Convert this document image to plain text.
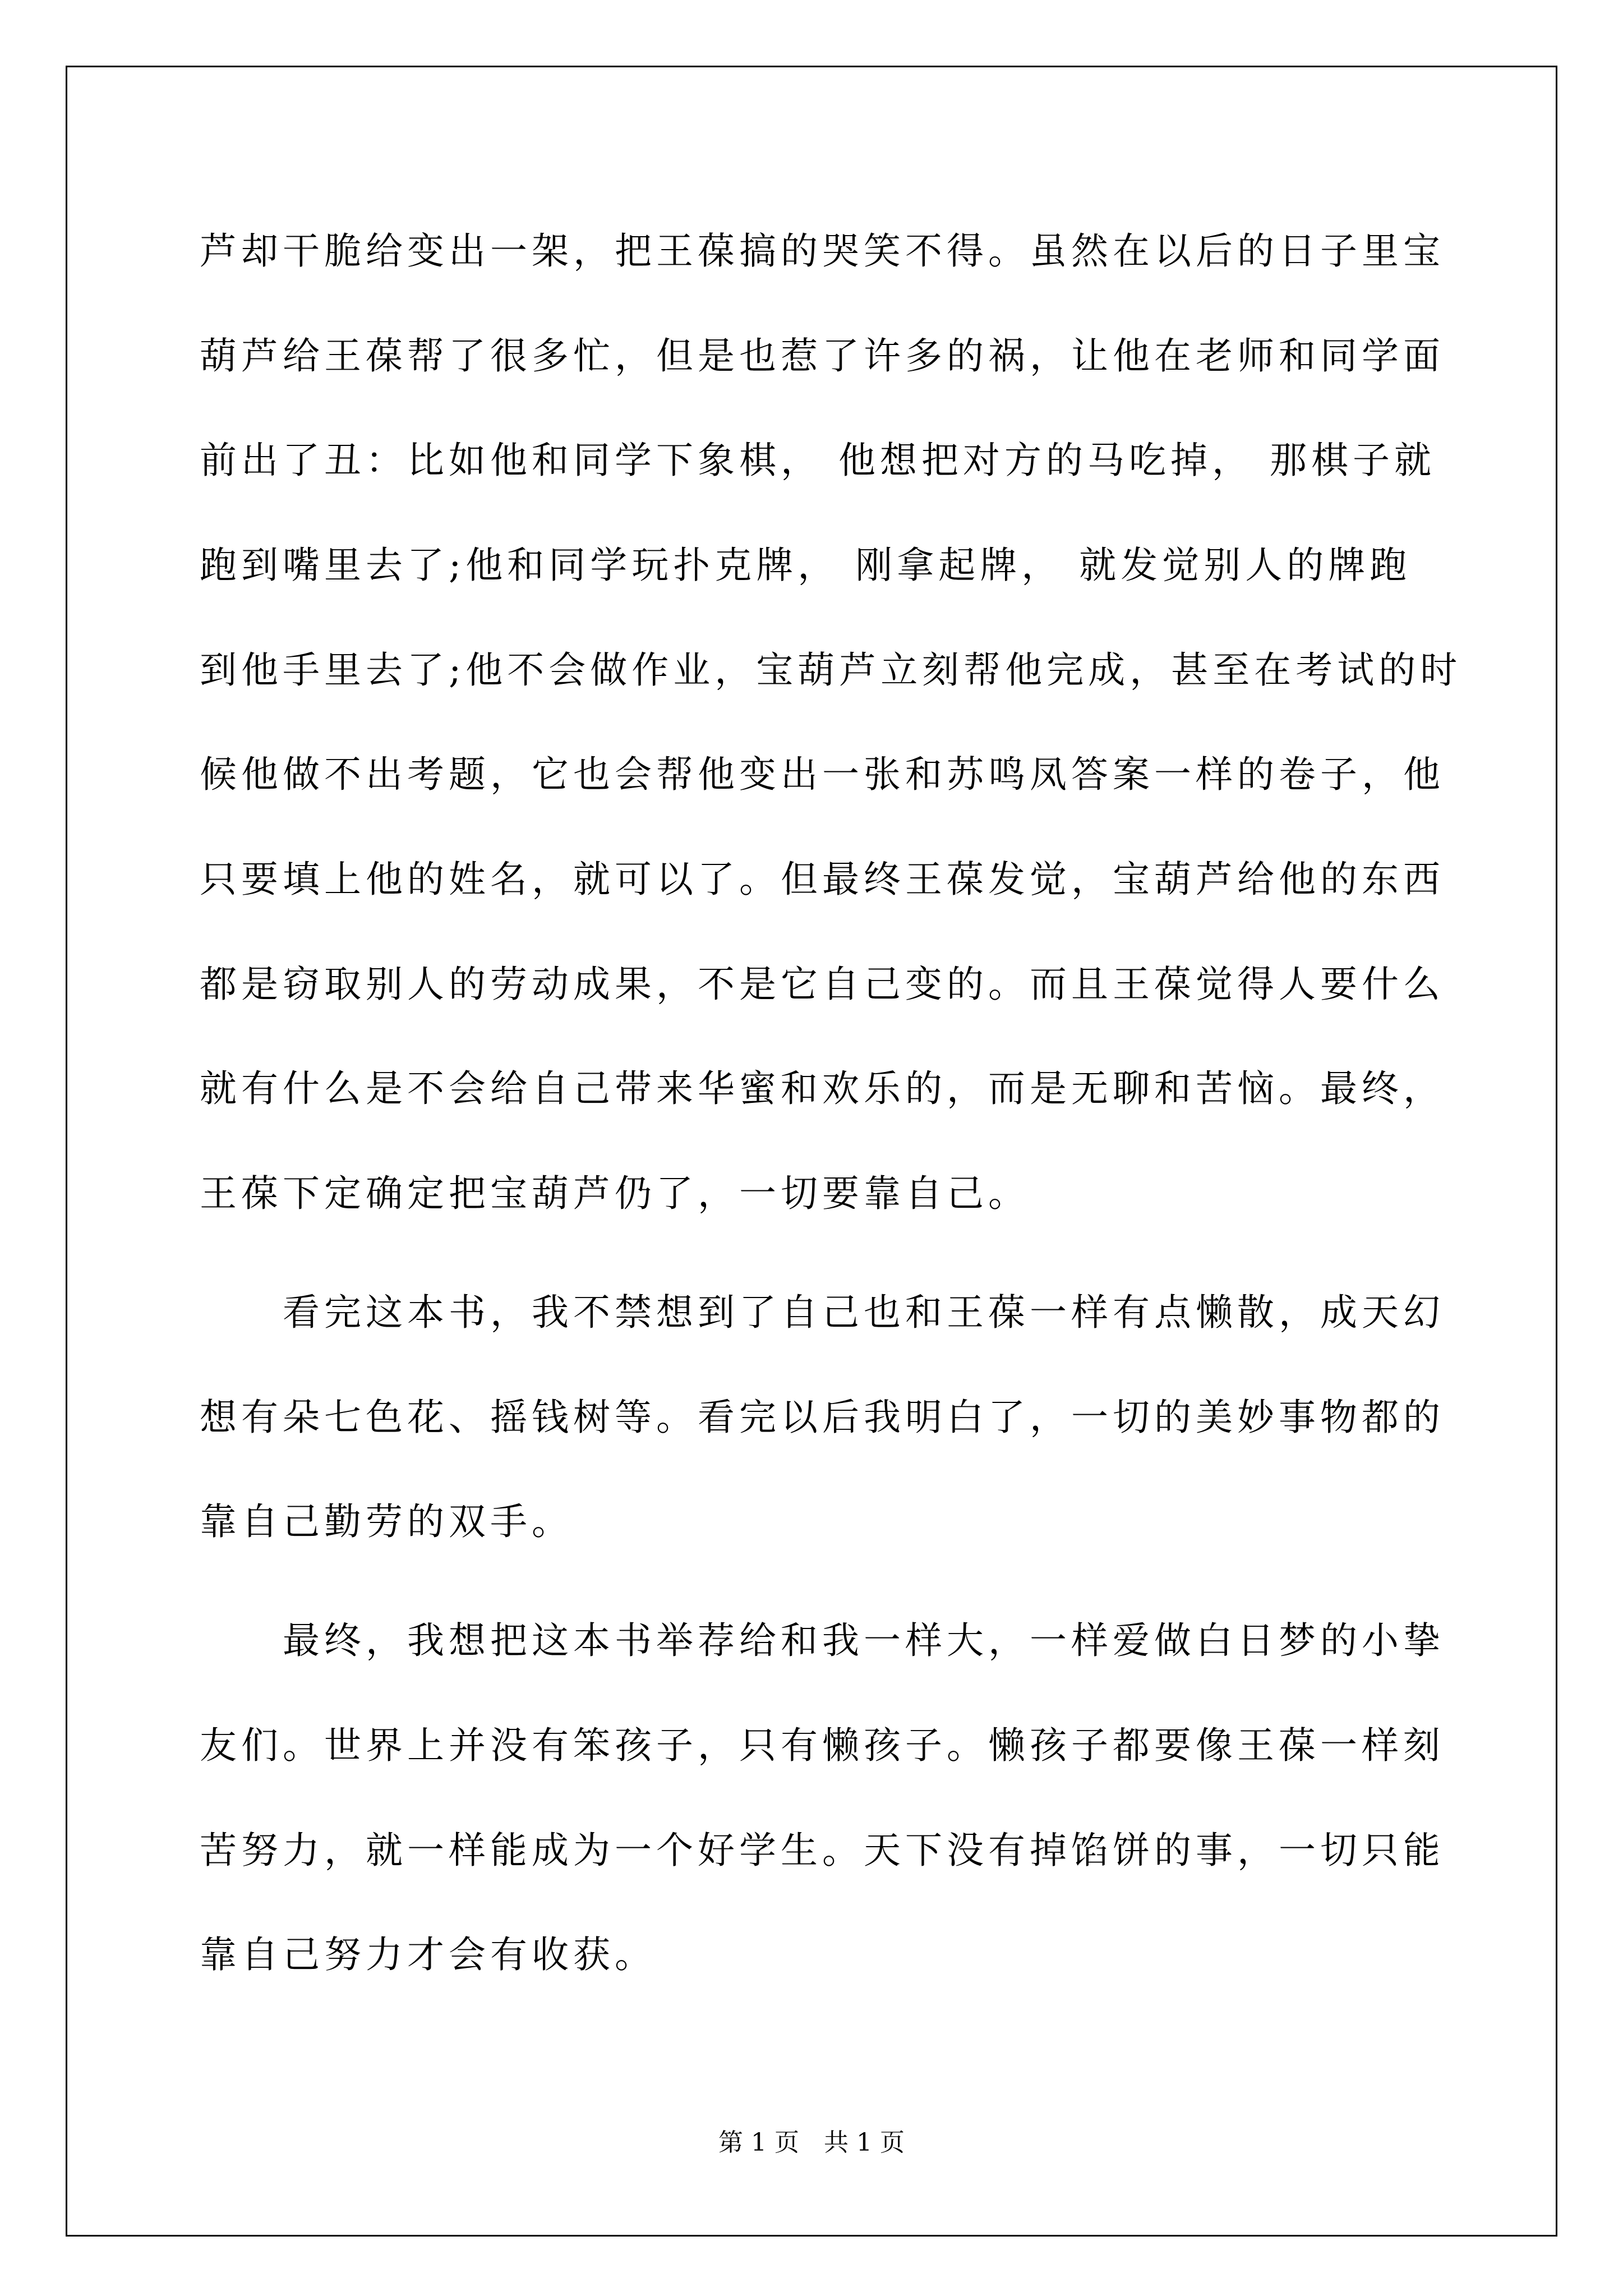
芦却干脆给变出一架，把王葆搞的哭笑不得。虽然在以后的日子里宝
葫芦给王葆帮了很多忙，但是也惹了许多的祸，让他在老师和同学面
前出了丑：比如他和同学下象棋， 他想把对方的马吃掉， 那棋子就
跑到嘴里去了;他和同学玩扑克牌， 刚拿起牌， 就发觉别人的牌跑
到他手里去了;他不会做作业，宝葫芦立刻帮他完成，甚至在考试的时
候他做不出考题，它也会帮他变出一张和苏鸣凤答案一样的卷子，他
只要填上他的姓名，就可以了。但最终王葆发觉，宝葫芦给他的东西
都是窃取别人的劳动成果，不是它自己变的。而且王葆觉得人要什么
就有什么是不会给自己带来华蜜和欢乐的，而是无聊和苦恼。最终，
王葆下定确定把宝葫芦仍了，一切要靠自己。
看完这本书，我不禁想到了自己也和王葆一样有点懒散，成天幻
想有朵七色花、摇钱树等。看完以后我明白了，一切的美妙事物都的
靠自己勤劳的双手。
最终，我想把这本书举荐给和我一样大，一样爱做白日梦的小挚
友们。世界上并没有笨孩子，只有懒孩子。懒孩子都要像王葆一样刻
苦努力，就一样能成为一个好学生。天下没有掉馅饼的事，一切只能
靠自己努力才会有收获。
第 1 页　共 1 页
